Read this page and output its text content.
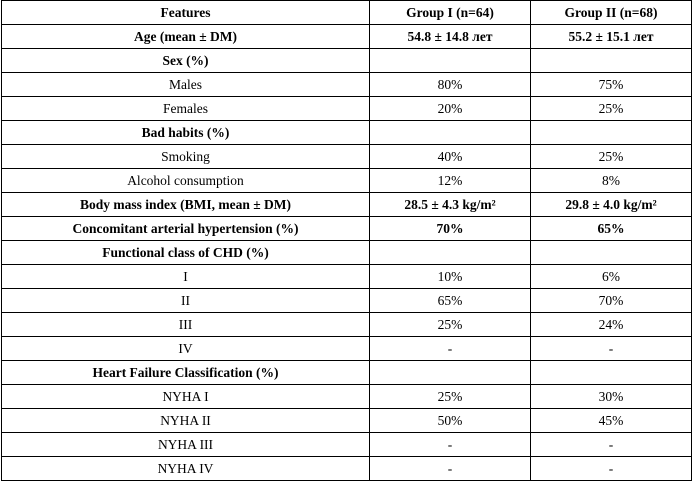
Features	Group I (n=64)	Group II (n=68)
Age (mean ± DM)	54.8 ± 14.8 лет	55.2 ± 15.1 лет
Sex (%)		
Males	80%	75%
Females	20%	25%
Bad habits (%)		
Smoking	40%	25%
Alcohol consumption	12%	8%
Body mass index (BMI, mean ± DM)	28.5 ± 4.3 kg/m²	29.8 ± 4.0 kg/m²
Concomitant arterial hypertension (%)	70%	65%
Functional class of CHD (%)		
I	10%	6%
II	65%	70%
III	25%	24%
IV	-	-
Heart Failure Classification (%)		
NYHA I	25%	30%
NYHA II	50%	45%
NYHA III	-	-
NYHA IV	-	-
